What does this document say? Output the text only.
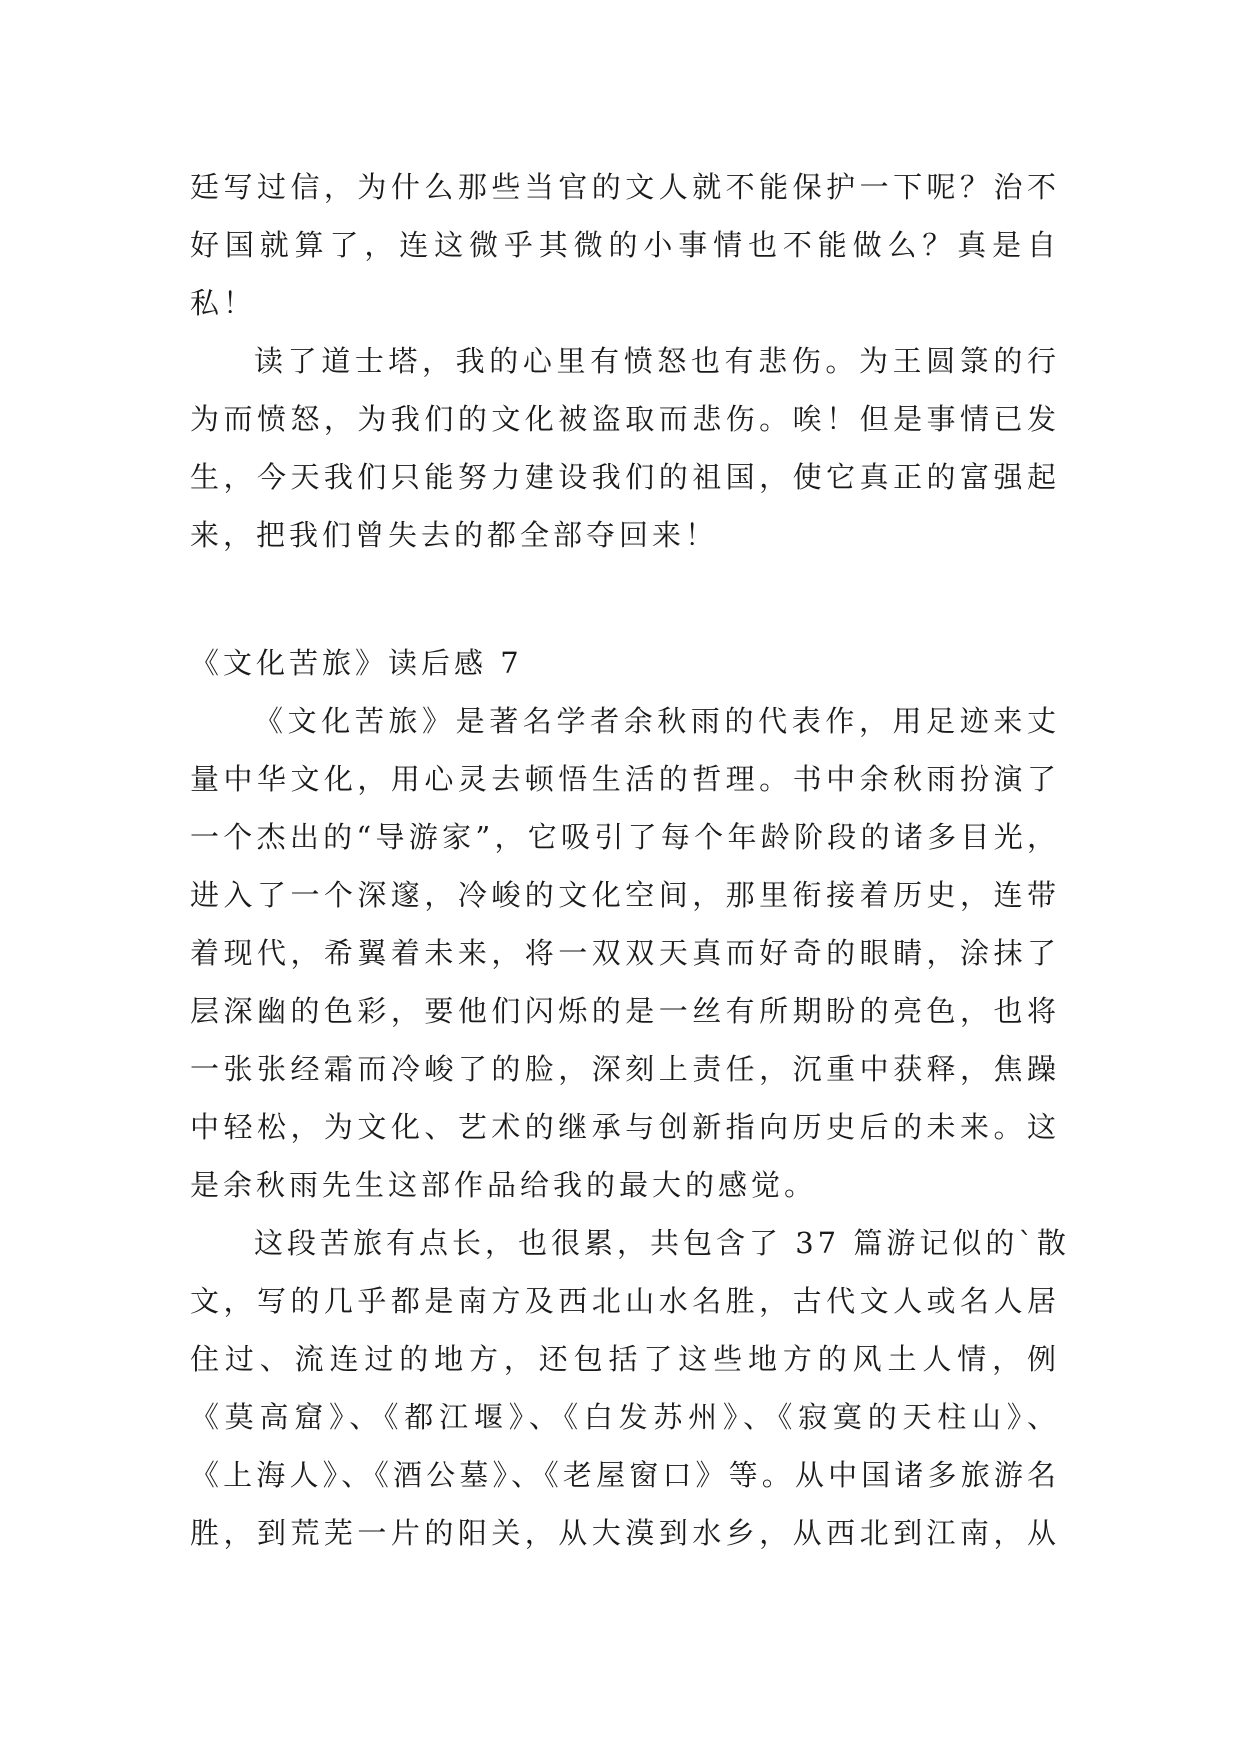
廷写过信，为什么那些当官的文人就不能保护一下呢？治不
好国就算了，连这微乎其微的小事情也不能做么？真是自
私！
读了道士塔，我的心里有愤怒也有悲伤。为王圆箓的行
为而愤怒，为我们的文化被盗取而悲伤。唉！但是事情已发
生，今天我们只能努力建设我们的祖国，使它真正的富强起
来，把我们曾失去的都全部夺回来！
《文化苦旅》读后感 7
《文化苦旅》是著名学者余秋雨的代表作，用足迹来丈
量中华文化，用心灵去顿悟生活的哲理。书中余秋雨扮演了
一个杰出的“导游家”，它吸引了每个年龄阶段的诸多目光，
进入了一个深邃，冷峻的文化空间，那里衔接着历史，连带
着现代，希翼着未来，将一双双天真而好奇的眼睛，涂抹了
层深幽的色彩，要他们闪烁的是一丝有所期盼的亮色，也将
一张张经霜而冷峻了的脸，深刻上责任，沉重中获释，焦躁
中轻松，为文化、艺术的继承与创新指向历史后的未来。这
是余秋雨先生这部作品给我的最大的感觉。
这段苦旅有点长，也很累，共包含了 37 篇游记似的`散
文，写的几乎都是南方及西北山水名胜，古代文人或名人居
住过、流连过的地方，还包括了这些地方的风土人情，例
《莫高窟》、《都江堰》、《白发苏州》、《寂寞的天柱山》、
《上海人》、《酒公墓》、《老屋窗口》等。从中国诸多旅游名
胜，到荒芜一片的阳关，从大漠到水乡，从西北到江南，从
